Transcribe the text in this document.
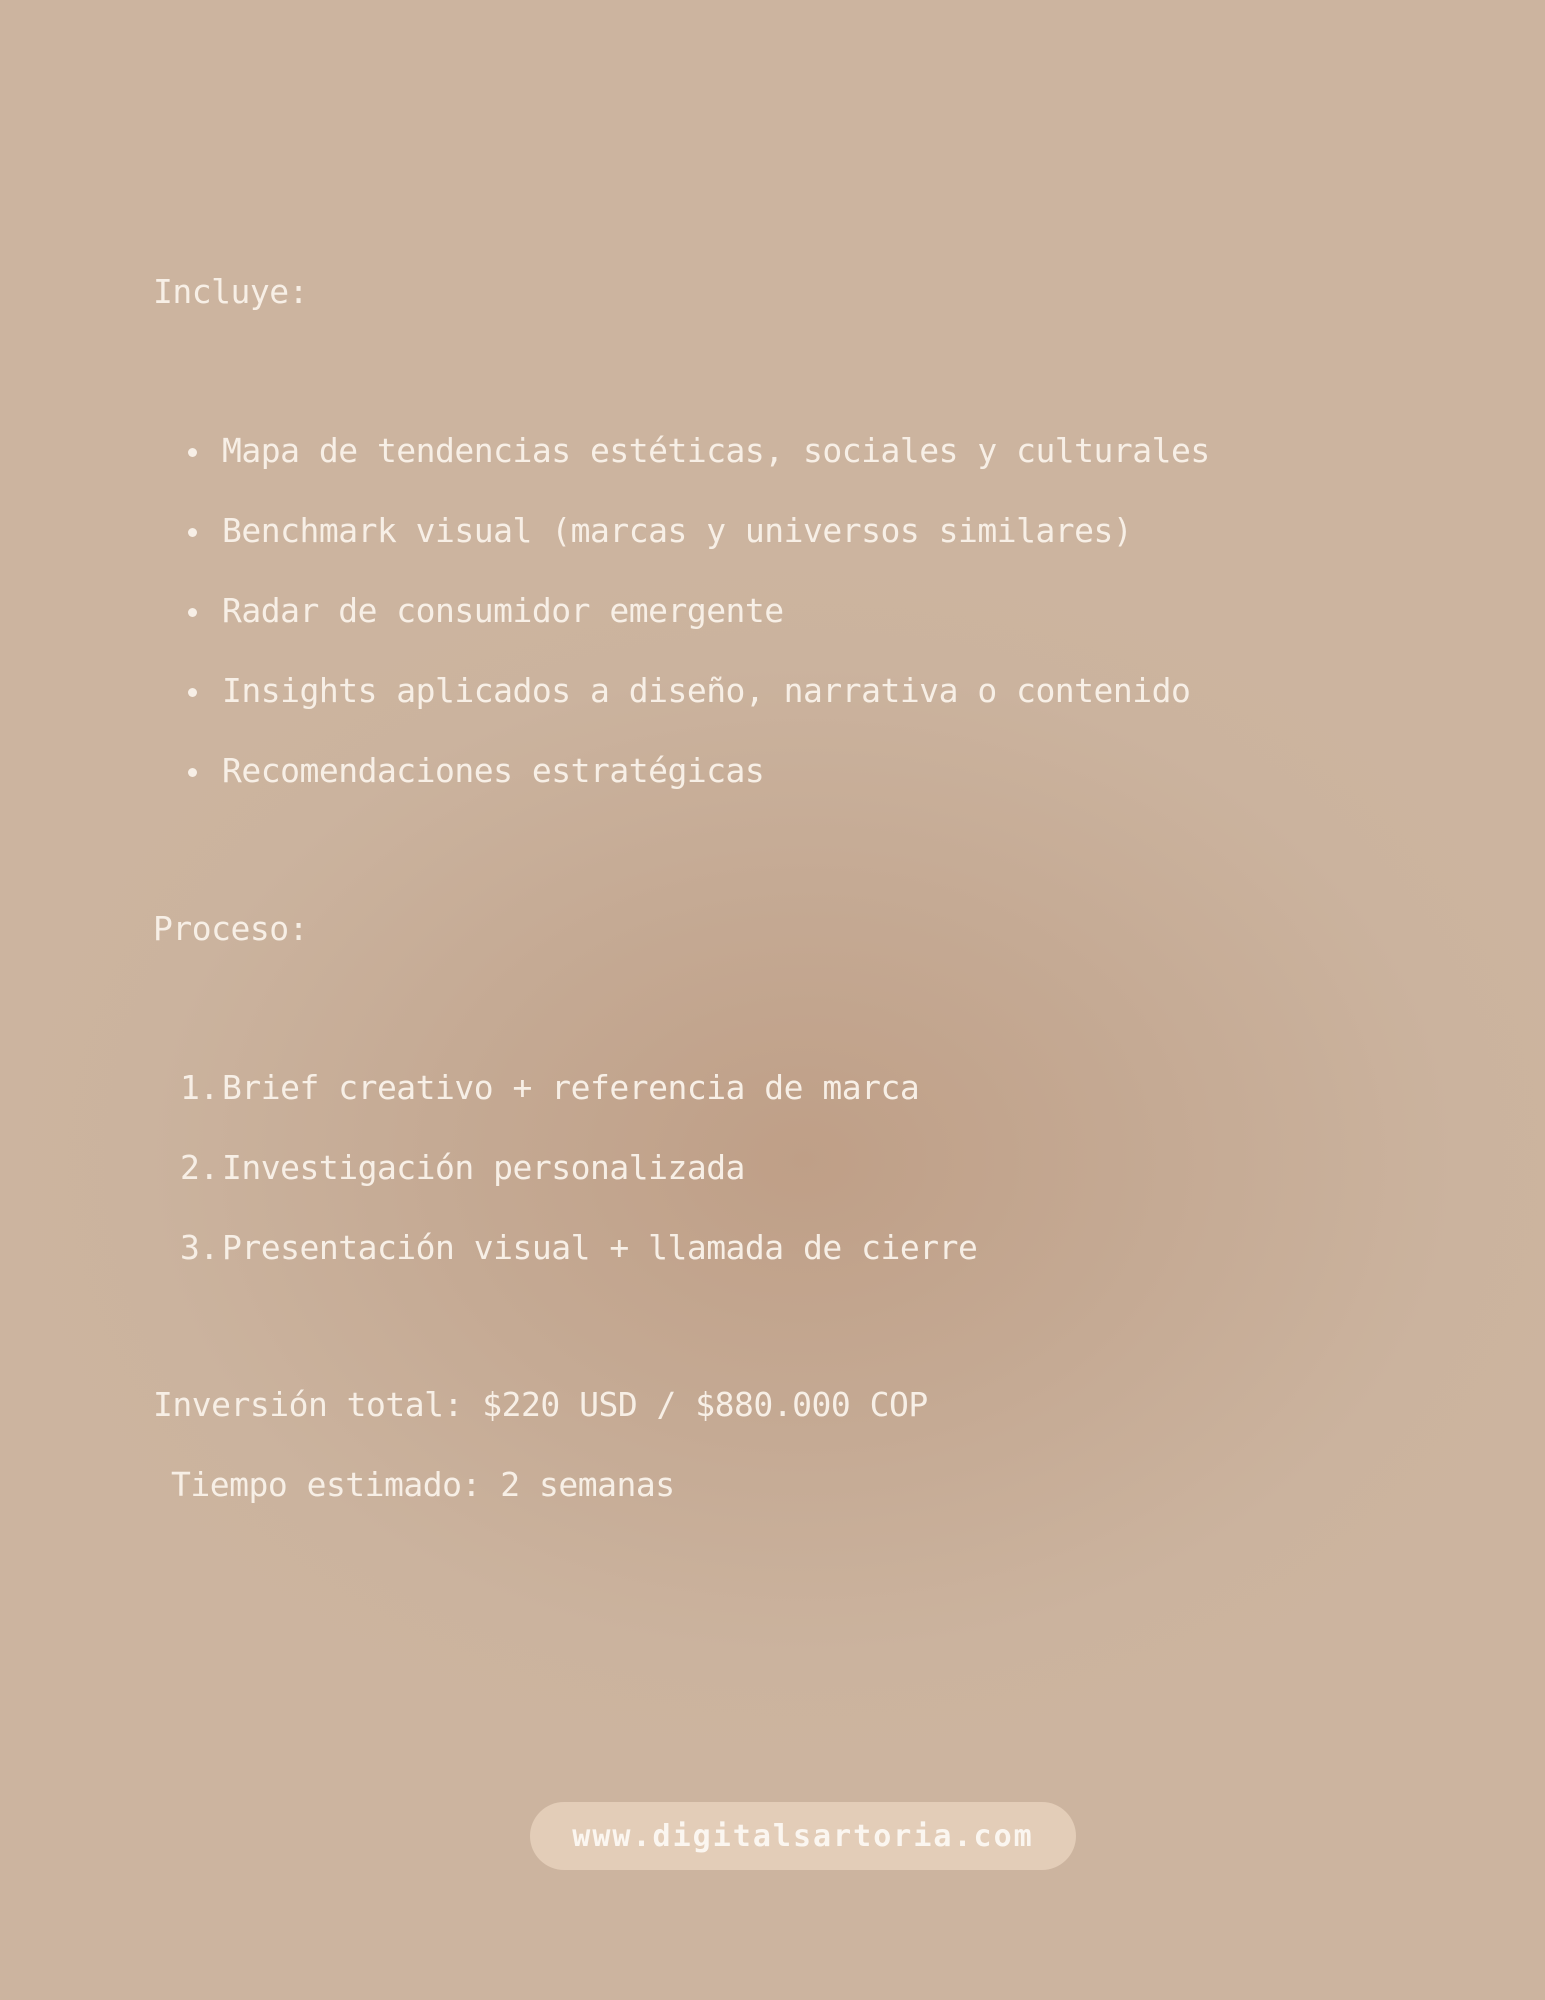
Incluye:
Mapa de tendencias estéticas, sociales y culturales
Benchmark visual (marcas y universos similares)
Radar de consumidor emergente
Insights aplicados a diseño, narrativa o contenido
Recomendaciones estratégicas
Proceso:
1. Brief creativo + referencia de marca
2. Investigación personalizada
3. Presentación visual + llamada de cierre
Inversión total: $220 USD / $880.000 COP
Tiempo estimado: 2 semanas
www.digitalsartoria.com
